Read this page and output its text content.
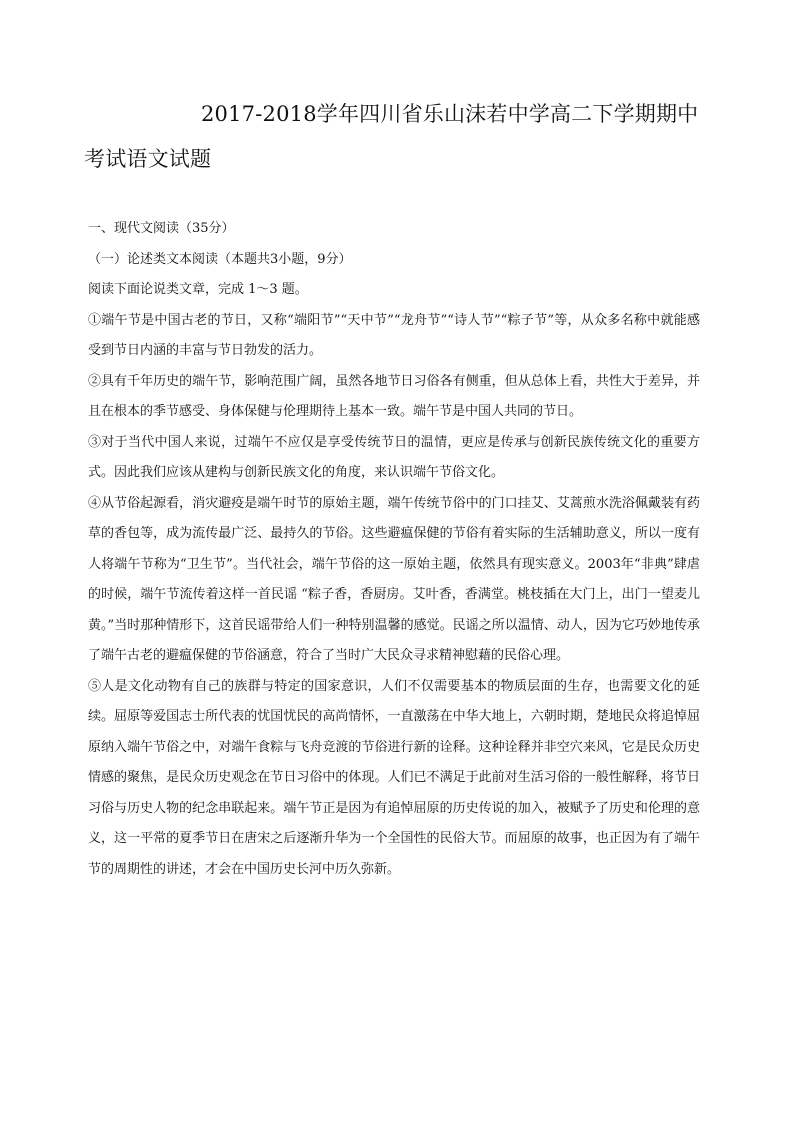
2017-2018学年四川省乐山沫若中学高二下学期期中考试语文试题

一、现代文阅读（35分）

（一）论述类文本阅读（本题共3小题，9分）

阅读下面论说类文章，完成 1～3 题。

①端午节是中国古老的节日，又称“端阳节”“天中节”“龙舟节”“诗人节”“粽子节”等，从众多名称中就能感受到节日内涵的丰富与节日勃发的活力。

②具有千年历史的端午节，影响范围广阔，虽然各地节日习俗各有侧重，但从总体上看，共性大于差异，并且在根本的季节感受、身体保健与伦理期待上基本一致。端午节是中国人共同的节日。

③对于当代中国人来说，过端午不应仅是享受传统节日的温情，更应是传承与创新民族传统文化的重要方式。因此我们应该从建构与创新民族文化的角度，来认识端午节俗文化。

④从节俗起源看，消灾避疫是端午时节的原始主题，端午传统节俗中的门口挂艾、艾蒿煎水洗浴佩戴装有药草的香包等，成为流传最广泛、最持久的节俗。这些避瘟保健的节俗有着实际的生活辅助意义，所以一度有人将端午节称为“卫生节”。当代社会，端午节俗的这一原始主题，依然具有现实意义。2003年“非典”肆虐的时候，端午节流传着这样一首民谣 “粽子香，香厨房。艾叶香，香满堂。桃枝插在大门上，出门一望麦儿黄。”当时那种情形下，这首民谣带给人们一种特别温馨的感觉。民谣之所以温情、动人，因为它巧妙地传承了端午古老的避瘟保健的节俗涵意，符合了当时广大民众寻求精神慰藉的民俗心理。

⑤人是文化动物有自己的族群与特定的国家意识，人们不仅需要基本的物质层面的生存，也需要文化的延续。屈原等爱国志士所代表的忧国忧民的高尚情怀，一直激荡在中华大地上，六朝时期，楚地民众将追悼屈原纳入端午节俗之中，对端午食粽与飞舟竞渡的节俗进行新的诠释。这种诠释并非空穴来风，它是民众历史情感的聚焦，是民众历史观念在节日习俗中的体现。人们已不满足于此前对生活习俗的一般性解释，将节日习俗与历史人物的纪念串联起来。端午节正是因为有追悼屈原的历史传说的加入，被赋予了历史和伦理的意义，这一平常的夏季节日在唐宋之后逐渐升华为一个全国性的民俗大节。而屈原的故事，也正因为有了端午节的周期性的讲述，才会在中国历史长河中历久弥新。
